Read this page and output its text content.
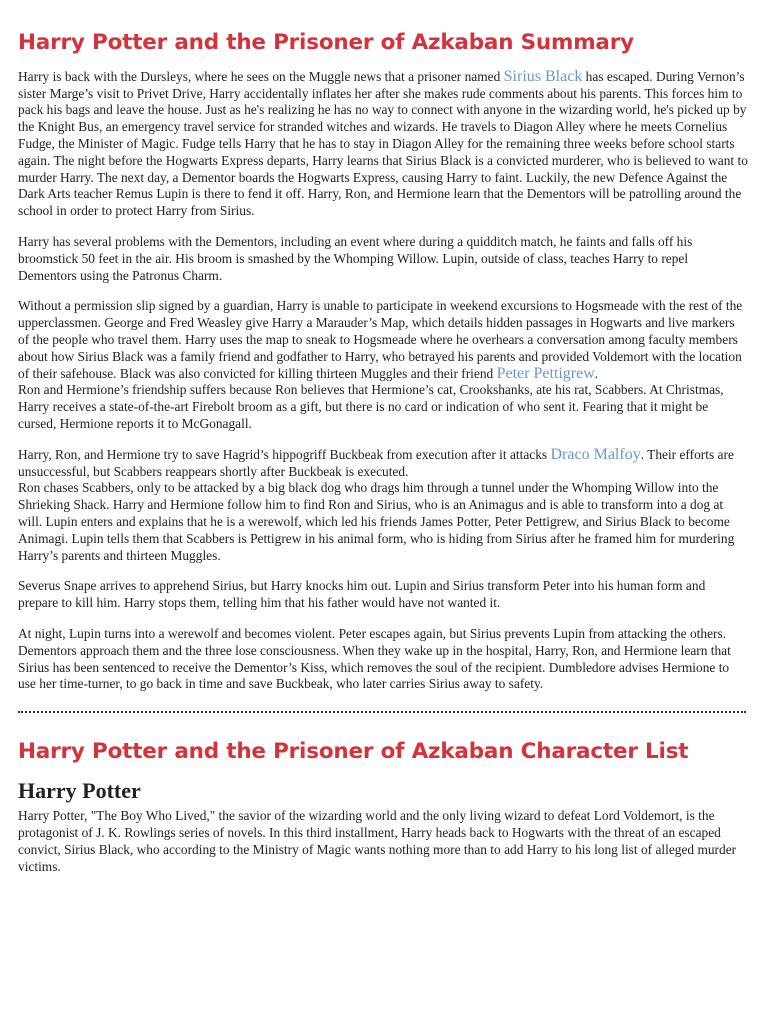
Harry Potter and the Prisoner of Azkaban Summary

Harry is back with the Dursleys, where he sees on the Muggle news that a prisoner named Sirius Black has escaped. During Vernon’s sister Marge’s visit to Privet Drive, Harry accidentally inflates her after she makes rude comments about his parents. This forces him to pack his bags and leave the house. Just as he's realizing he has no way to connect with anyone in the wizarding world, he's picked up by the Knight Bus, an emergency travel service for stranded witches and wizards. He travels to Diagon Alley where he meets Cornelius Fudge, the Minister of Magic. Fudge tells Harry that he has to stay in Diagon Alley for the remaining three weeks before school starts again. The night before the Hogwarts Express departs, Harry learns that Sirius Black is a convicted murderer, who is believed to want to murder Harry. The next day, a Dementor boards the Hogwarts Express, causing Harry to faint. Luckily, the new Defence Against the Dark Arts teacher Remus Lupin is there to fend it off. Harry, Ron, and Hermione learn that the Dementors will be patrolling around the school in order to protect Harry from Sirius.

Harry has several problems with the Dementors, including an event where during a quidditch match, he faints and falls off his broomstick 50 feet in the air. His broom is smashed by the Whomping Willow. Lupin, outside of class, teaches Harry to repel Dementors using the Patronus Charm.

Without a permission slip signed by a guardian, Harry is unable to participate in weekend excursions to Hogsmeade with the rest of the upperclassmen. George and Fred Weasley give Harry a Marauder’s Map, which details hidden passages in Hogwarts and live markers of the people who travel them. Harry uses the map to sneak to Hogsmeade where he overhears a conversation among faculty members about how Sirius Black was a family friend and godfather to Harry, who betrayed his parents and provided Voldemort with the location of their safehouse. Black was also convicted for killing thirteen Muggles and their friend Peter Pettigrew.

Ron and Hermione’s friendship suffers because Ron believes that Hermione’s cat, Crookshanks, ate his rat, Scabbers. At Christmas, Harry receives a state-of-the-art Firebolt broom as a gift, but there is no card or indication of who sent it. Fearing that it might be cursed, Hermione reports it to McGonagall.

Harry, Ron, and Hermione try to save Hagrid’s hippogriff Buckbeak from execution after it attacks Draco Malfoy. Their efforts are unsuccessful, but Scabbers reappears shortly after Buckbeak is executed.

Ron chases Scabbers, only to be attacked by a big black dog who drags him through a tunnel under the Whomping Willow into the Shrieking Shack. Harry and Hermione follow him to find Ron and Sirius, who is an Animagus and is able to transform into a dog at will. Lupin enters and explains that he is a werewolf, which led his friends James Potter, Peter Pettigrew, and Sirius Black to become Animagi. Lupin tells them that Scabbers is Pettigrew in his animal form, who is hiding from Sirius after he framed him for murdering Harry’s parents and thirteen Muggles.

Severus Snape arrives to apprehend Sirius, but Harry knocks him out. Lupin and Sirius transform Peter into his human form and prepare to kill him. Harry stops them, telling him that his father would have not wanted it.

At night, Lupin turns into a werewolf and becomes violent. Peter escapes again, but Sirius prevents Lupin from attacking the others. Dementors approach them and the three lose consciousness. When they wake up in the hospital, Harry, Ron, and Hermione learn that Sirius has been sentenced to receive the Dementor’s Kiss, which removes the soul of the recipient. Dumbledore advises Hermione to use her time-turner, to go back in time and save Buckbeak, who later carries Sirius away to safety.

Harry Potter and the Prisoner of Azkaban Character List
Harry Potter

Harry Potter, "The Boy Who Lived," the savior of the wizarding world and the only living wizard to defeat Lord Voldemort, is the protagonist of J. K. Rowlings series of novels. In this third installment, Harry heads back to Hogwarts with the threat of an escaped convict, Sirius Black, who according to the Ministry of Magic wants nothing more than to add Harry to his long list of alleged murder victims.
